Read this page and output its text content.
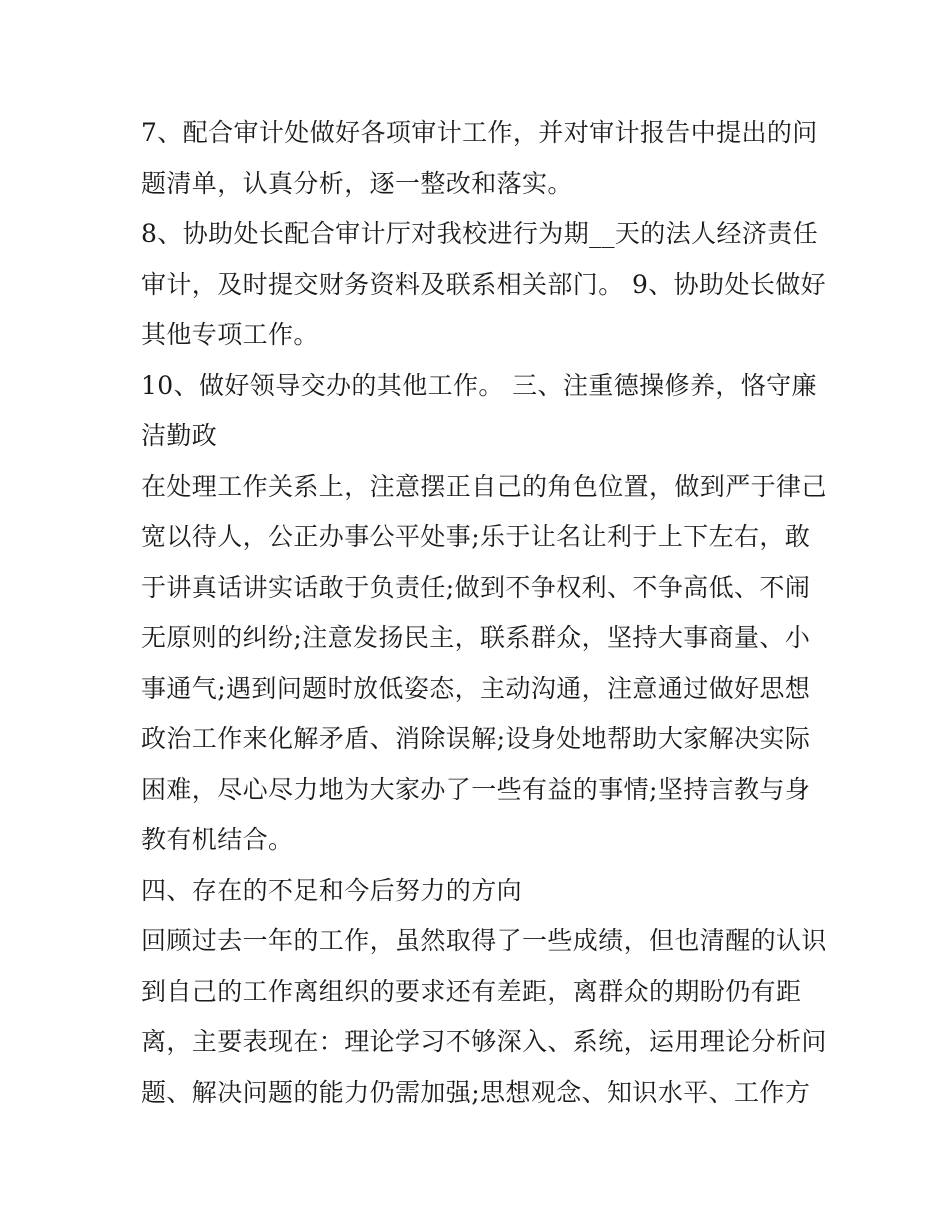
7、配合审计处做好各项审计工作，并对审计报告中提出的问
题清单，认真分析，逐一整改和落实。
8、协助处长配合审计厅对我校进行为期__天的法人经济责任
审计，及时提交财务资料及联系相关部门。 9、协助处长做好
其他专项工作。
10、做好领导交办的其他工作。 三、注重德操修养，恪守廉
洁勤政
在处理工作关系上，注意摆正自己的角色位置，做到严于律己
宽以待人，公正办事公平处事;乐于让名让利于上下左右，敢
于讲真话讲实话敢于负责任;做到不争权利、不争高低、不闹
无原则的纠纷;注意发扬民主，联系群众，坚持大事商量、小
事通气;遇到问题时放低姿态，主动沟通，注意通过做好思想
政治工作来化解矛盾、消除误解;设身处地帮助大家解决实际
困难，尽心尽力地为大家办了一些有益的事情;坚持言教与身
教有机结合。
四、存在的不足和今后努力的方向
回顾过去一年的工作，虽然取得了一些成绩，但也清醒的认识
到自己的工作离组织的要求还有差距，离群众的期盼仍有距
离，主要表现在：理论学习不够深入、系统，运用理论分析问
题、解决问题的能力仍需加强;思想观念、知识水平、工作方
